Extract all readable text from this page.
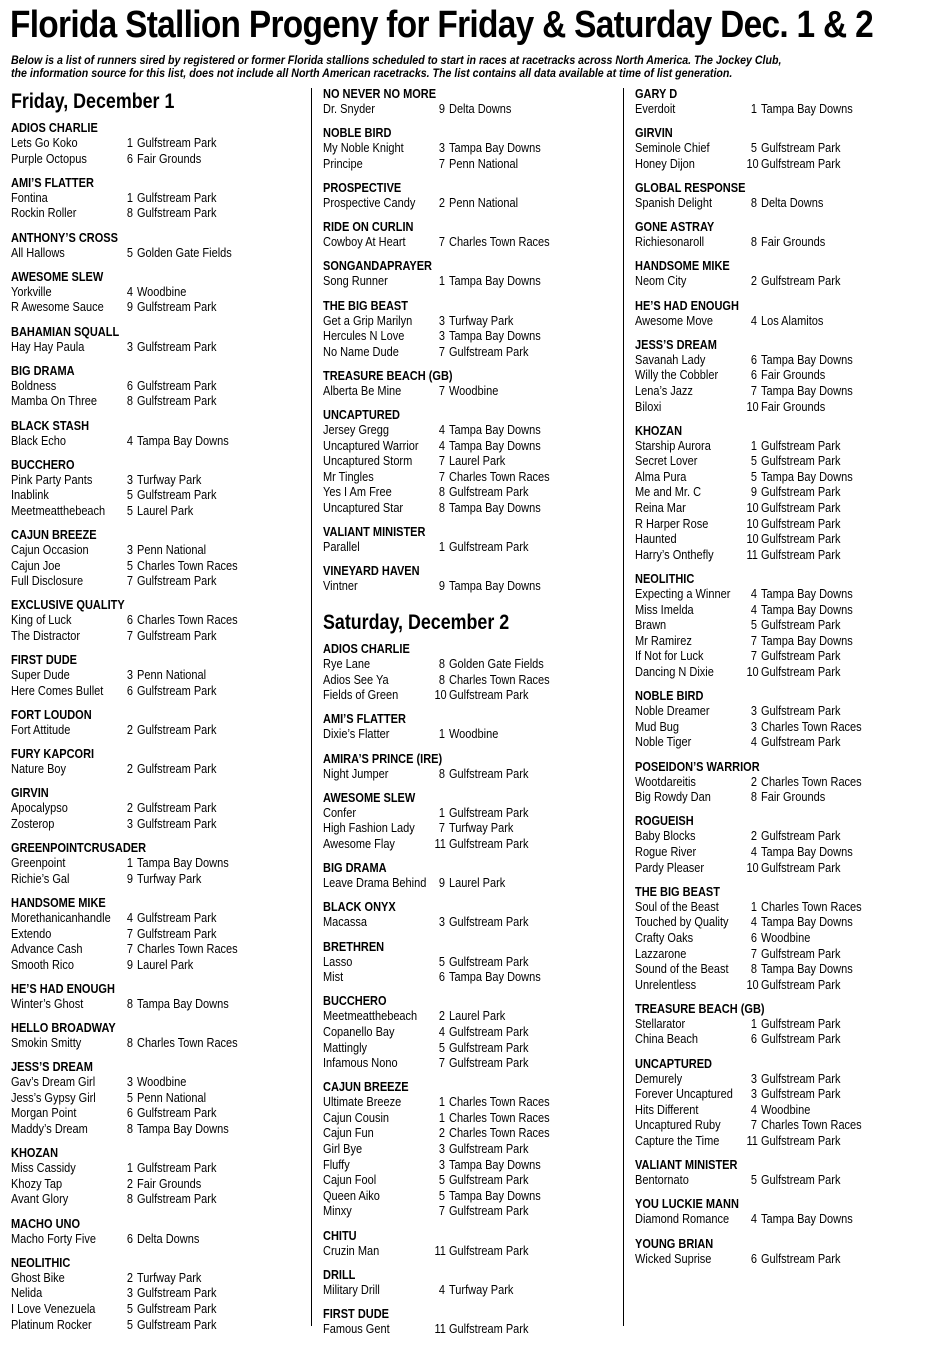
Florida Stallion Progeny for Friday & Saturday Dec. 1 & 2
Below is a list of runners sired by registered or former Florida stallions scheduled to start in races at racetracks across North America. The Jockey Club,
the information source for this list, does not include all North American racetracks. The list contains all data available at time of list generation.
Friday, December 1
ADIOS CHARLIE
Lets Go Koko	1 Gulfstream Park
Purple Octopus	6 Fair Grounds
AMI’S FLATTER
Fontina	1 Gulfstream Park
Rockin Roller	8 Gulfstream Park
ANTHONY’S CROSS
All Hallows	5 Golden Gate Fields
AWESOME SLEW
Yorkville	4 Woodbine
R Awesome Sauce	9 Gulfstream Park
BAHAMIAN SQUALL
Hay Hay Paula	3 Gulfstream Park
BIG DRAMA
Boldness	6 Gulfstream Park
Mamba On Three	8 Gulfstream Park
BLACK STASH
Black Echo	4 Tampa Bay Downs
BUCCHERO
Pink Party Pants	3 Turfway Park
Inablink	5 Gulfstream Park
Meetmeatthebeach	5 Laurel Park
CAJUN BREEZE
Cajun Occasion	3 Penn National
Cajun Joe	5 Charles Town Races
Full Disclosure	7 Gulfstream Park
EXCLUSIVE QUALITY
King of Luck	6 Charles Town Races
The Distractor	7 Gulfstream Park
FIRST DUDE
Super Dude	3 Penn National
Here Comes Bullet	6 Gulfstream Park
FORT LOUDON
Fort Attitude	2 Gulfstream Park
FURY KAPCORI
Nature Boy	2 Gulfstream Park
GIRVIN
Apocalypso	2 Gulfstream Park
Zosterop	3 Gulfstream Park
GREENPOINTCRUSADER
Greenpoint	1 Tampa Bay Downs
Richie’s Gal	9 Turfway Park
HANDSOME MIKE
Morethanicanhandle	4 Gulfstream Park
Extendo	7 Gulfstream Park
Advance Cash	7 Charles Town Races
Smooth Rico	9 Laurel Park
HE’S HAD ENOUGH
Winter’s Ghost	8 Tampa Bay Downs
HELLO BROADWAY
Smokin Smitty	8 Charles Town Races
JESS’S DREAM
Gav’s Dream Girl	3 Woodbine
Jess’s Gypsy Girl	5 Penn National
Morgan Point	6 Gulfstream Park
Maddy’s Dream	8 Tampa Bay Downs
KHOZAN
Miss Cassidy	1 Gulfstream Park
Khozy Tap	2 Fair Grounds
Avant Glory	8 Gulfstream Park
MACHO UNO
Macho Forty Five	6 Delta Downs
NEOLITHIC
Ghost Bike	2 Turfway Park
Nelida	3 Gulfstream Park
I Love Venezuela	5 Gulfstream Park
Platinum Rocker	5 Gulfstream Park
NO NEVER NO MORE
Dr. Snyder	9 Delta Downs
NOBLE BIRD
My Noble Knight	3 Tampa Bay Downs
Principe	7 Penn National
PROSPECTIVE
Prospective Candy	2 Penn National
RIDE ON CURLIN
Cowboy At Heart	7 Charles Town Races
SONGANDAPRAYER
Song Runner	1 Tampa Bay Downs
THE BIG BEAST
Get a Grip Marilyn	3 Turfway Park
Hercules N Love	3 Tampa Bay Downs
No Name Dude	7 Gulfstream Park
TREASURE BEACH (GB)
Alberta Be Mine	7 Woodbine
UNCAPTURED
Jersey Gregg	4 Tampa Bay Downs
Uncaptured Warrior	4 Tampa Bay Downs
Uncaptured Storm	7 Laurel Park
Mr Tingles	7 Charles Town Races
Yes I Am Free	8 Gulfstream Park
Uncaptured Star	8 Tampa Bay Downs
VALIANT MINISTER
Parallel	1 Gulfstream Park
VINEYARD HAVEN
Vintner	9 Tampa Bay Downs
Saturday, December 2
ADIOS CHARLIE
Rye Lane	8 Golden Gate Fields
Adios See Ya	8 Charles Town Races
Fields of Green	10 Gulfstream Park
AMI’S FLATTER
Dixie’s Flatter	1 Woodbine
AMIRA’S PRINCE (IRE)
Night Jumper	8 Gulfstream Park
AWESOME SLEW
Confer	1 Gulfstream Park
High Fashion Lady	7 Turfway Park
Awesome Flay	11 Gulfstream Park
BIG DRAMA
Leave Drama Behind	9 Laurel Park
BLACK ONYX
Macassa	3 Gulfstream Park
BRETHREN
Lasso	5 Gulfstream Park
Mist	6 Tampa Bay Downs
BUCCHERO
Meetmeatthebeach	2 Laurel Park
Copanello Bay	4 Gulfstream Park
Mattingly	5 Gulfstream Park
Infamous Nono	7 Gulfstream Park
CAJUN BREEZE
Ultimate Breeze	1 Charles Town Races
Cajun Cousin	1 Charles Town Races
Cajun Fun	2 Charles Town Races
Girl Bye	3 Gulfstream Park
Fluffy	3 Tampa Bay Downs
Cajun Fool	5 Gulfstream Park
Queen Aiko	5 Tampa Bay Downs
Minxy	7 Gulfstream Park
CHITU
Cruzin Man	11 Gulfstream Park
DRILL
Military Drill	4 Turfway Park
FIRST DUDE
Famous Gent	11 Gulfstream Park
GARY D
Everdoit	1 Tampa Bay Downs
GIRVIN
Seminole Chief	5 Gulfstream Park
Honey Dijon	10 Gulfstream Park
GLOBAL RESPONSE
Spanish Delight	8 Delta Downs
GONE ASTRAY
Richiesonaroll	8 Fair Grounds
HANDSOME MIKE
Neom City	2 Gulfstream Park
HE’S HAD ENOUGH
Awesome Move	4 Los Alamitos
JESS’S DREAM
Savanah Lady	6 Tampa Bay Downs
Willy the Cobbler	6 Fair Grounds
Lena’s Jazz	7 Tampa Bay Downs
Biloxi	10 Fair Grounds
KHOZAN
Starship Aurora	1 Gulfstream Park
Secret Lover	5 Gulfstream Park
Alma Pura	5 Tampa Bay Downs
Me and Mr. C	9 Gulfstream Park
Reina Mar	10 Gulfstream Park
R Harper Rose	10 Gulfstream Park
Haunted	10 Gulfstream Park
Harry’s Onthefly	11 Gulfstream Park
NEOLITHIC
Expecting a Winner	4 Tampa Bay Downs
Miss Imelda	4 Tampa Bay Downs
Brawn	5 Gulfstream Park
Mr Ramirez	7 Tampa Bay Downs
If Not for Luck	7 Gulfstream Park
Dancing N Dixie	10 Gulfstream Park
NOBLE BIRD
Noble Dreamer	3 Gulfstream Park
Mud Bug	3 Charles Town Races
Noble Tiger	4 Gulfstream Park
POSEIDON’S WARRIOR
Wootdareitis	2 Charles Town Races
Big Rowdy Dan	8 Fair Grounds
ROGUEISH
Baby Blocks	2 Gulfstream Park
Rogue River	4 Tampa Bay Downs
Pardy Pleaser	10 Gulfstream Park
THE BIG BEAST
Soul of the Beast	1 Charles Town Races
Touched by Quality	4 Tampa Bay Downs
Crafty Oaks	6 Woodbine
Lazzarone	7 Gulfstream Park
Sound of the Beast	8 Tampa Bay Downs
Unrelentless	10 Gulfstream Park
TREASURE BEACH (GB)
Stellarator	1 Gulfstream Park
China Beach	6 Gulfstream Park
UNCAPTURED
Demurely	3 Gulfstream Park
Forever Uncaptured	3 Gulfstream Park
Hits Different	4 Woodbine
Uncaptured Ruby	7 Charles Town Races
Capture the Time 11 Gulfstream Park
VALIANT MINISTER
Bentornato	5 Gulfstream Park
YOU LUCKIE MANN
Diamond Romance	4 Tampa Bay Downs
YOUNG BRIAN
Wicked Suprise	6 Gulfstream Park
